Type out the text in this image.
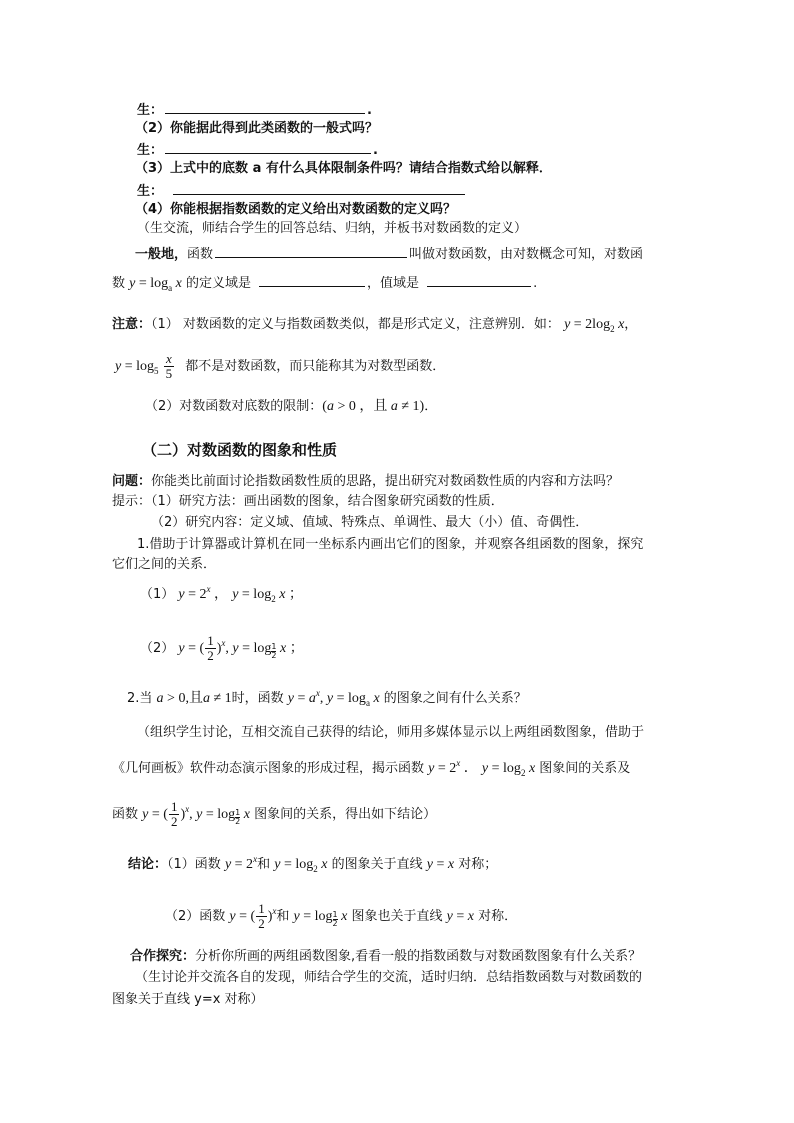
生：	.
（2）你能据此得到此类函数的一般式吗？
生：	.
（3）上式中的底数 a 有什么具体限制条件吗？请结合指数式给以解释．
生：
（4）你能根据指数函数的定义给出对数函数的定义吗？
（生交流，师结合学生的回答总结、归纳，并板书对数函数的定义）
一般地，函数	叫做对数函数，由对数概念可知，对数函
数 $y = \log_a x$ 的定义域是	，值域是	.
注意：（1） 对数函数的定义与指数函数类似，都是形式定义，注意辨别．如： $y = 2\log_2$ x，
$y = \log_5 \frac{x}{5}$ 都不是对数函数，而只能称其为对数型函数．
（2）对数函数对底数的限制：(a > 0 ，且 a ≠ 1)．
（二）对数函数的图象和性质
问题：你能类比前面讨论指数函数性质的思路，提出研究对数函数性质的内容和方法吗？
提示：（1）研究方法：画出函数的图象，结合图象研究函数的性质．
（2）研究内容：定义域、值域、特殊点、单调性、最大（小）值、奇偶性．
1.借助于计算器或计算机在同一坐标系内画出它们的图象，并观察各组函数的图象，探究
它们之间的关系．
（1） $y = 2^x$ ， $y = \log_2 x$ ；
（2） y = ( $\frac{1}{2} )^x$, $y = \log \frac{1}{2}$ x ；
2.当 a > 0,且a ≠ 1时，函数 $y = a^x$, $y = \log_a x$ 的图象之间有什么关系？
（组织学生讨论，互相交流自己获得的结论，师用多媒体显示以上两组函数图象，借助于
《几何画板》软件动态演示图象的形成过程，揭示函数 $y = 2^x$ ． $y = \log_2 x$ 图象间的关系及
函数 y = ( $\frac{1}{2} )^x$, $y = \log \frac{1}{2}$ x 图象间的关系，得出如下结论）
结论：（1）函数 $y = 2^x$和 $y = \log_2 x$ 的图象关于直线 y = x 对称；
（2）函数 y = ( $\frac{1}{2} )^x$和 $y = \log \frac{1}{2}$ x 图象也关于直线 y = x 对称．
合作探究：分析你所画的两组函数图象,看看一般的指数函数与对数函数图象有什么关系？
（生讨论并交流各自的发现，师结合学生的交流，适时归纳．总结指数函数与对数函数的
图象关于直线 y=x 对称）
